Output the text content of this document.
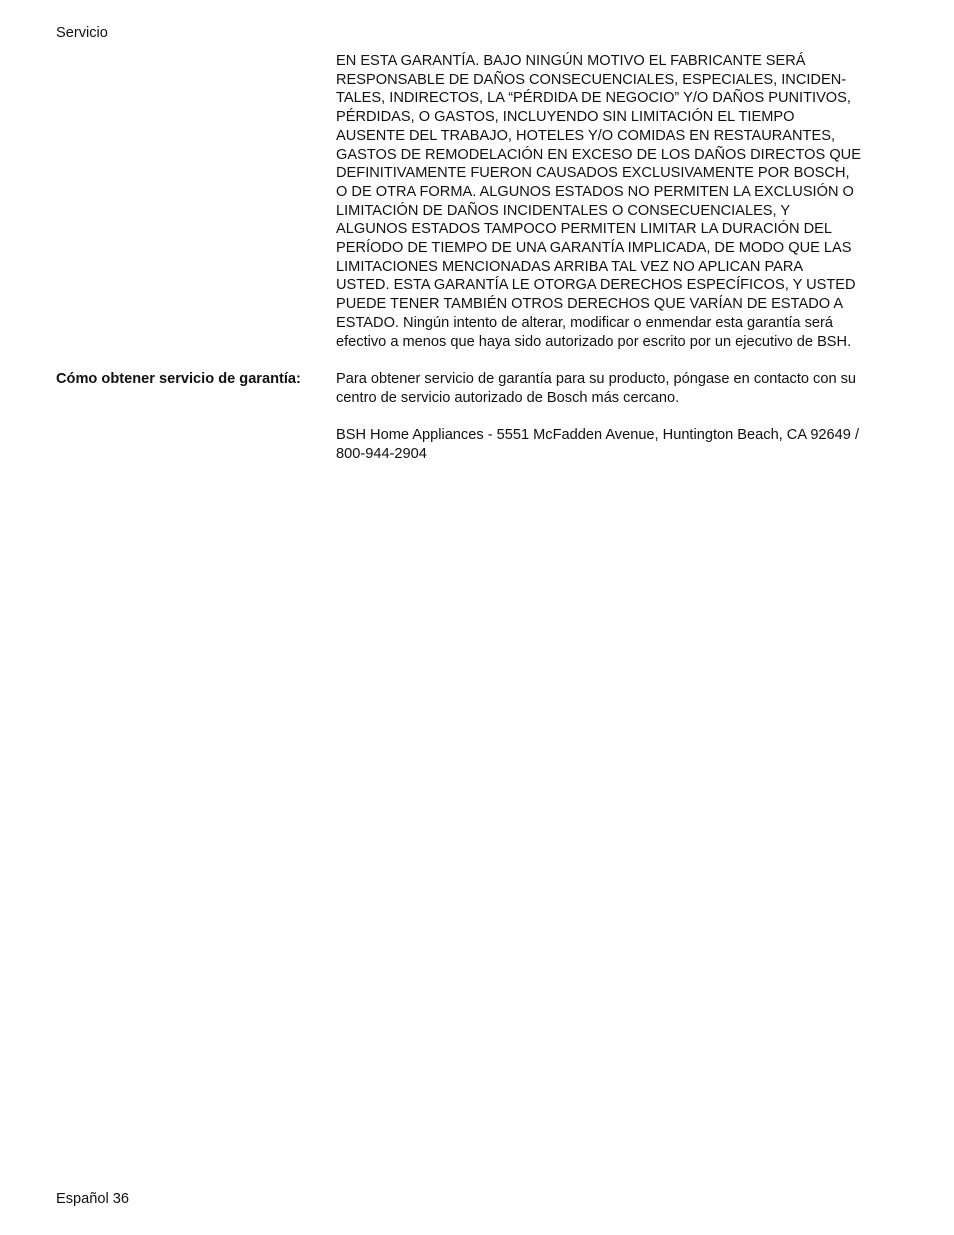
Servicio
EN ESTA GARANTÍA. BAJO NINGÚN MOTIVO EL FABRICANTE SERÁ
RESPONSABLE DE DAÑOS CONSECUENCIALES, ESPECIALES, INCIDEN-
TALES, INDIRECTOS, LA “PÉRDIDA DE NEGOCIO” Y/O DAÑOS PUNITIVOS,
PÉRDIDAS, O GASTOS, INCLUYENDO SIN LIMITACIÓN EL TIEMPO
AUSENTE DEL TRABAJO, HOTELES Y/O COMIDAS EN RESTAURANTES,
GASTOS DE REMODELACIÓN EN EXCESO DE LOS DAÑOS DIRECTOS QUE
DEFINITIVAMENTE FUERON CAUSADOS EXCLUSIVAMENTE POR BOSCH,
O DE OTRA FORMA. ALGUNOS ESTADOS NO PERMITEN LA EXCLUSIÓN O
LIMITACIÓN DE DAÑOS INCIDENTALES O CONSECUENCIALES, Y
ALGUNOS ESTADOS TAMPOCO PERMITEN LIMITAR LA DURACIÓN DEL
PERÍODO DE TIEMPO DE UNA GARANTÍA IMPLICADA, DE MODO QUE LAS
LIMITACIONES MENCIONADAS ARRIBA TAL VEZ NO APLICAN PARA
USTED. ESTA GARANTÍA LE OTORGA DERECHOS ESPECÍFICOS, Y USTED
PUEDE TENER TAMBIÉN OTROS DERECHOS QUE VARÍAN DE ESTADO A
ESTADO. Ningún intento de alterar, modificar o enmendar esta garantía será
efectivo a menos que haya sido autorizado por escrito por un ejecutivo de BSH.
Cómo obtener servicio de garantía: Para obtener servicio de garantía para su producto, póngase en contacto con su
centro de servicio autorizado de Bosch más cercano.
BSH Home Appliances - 5551 McFadden Avenue, Huntington Beach, CA 92649 /
800-944-2904
Español 36
